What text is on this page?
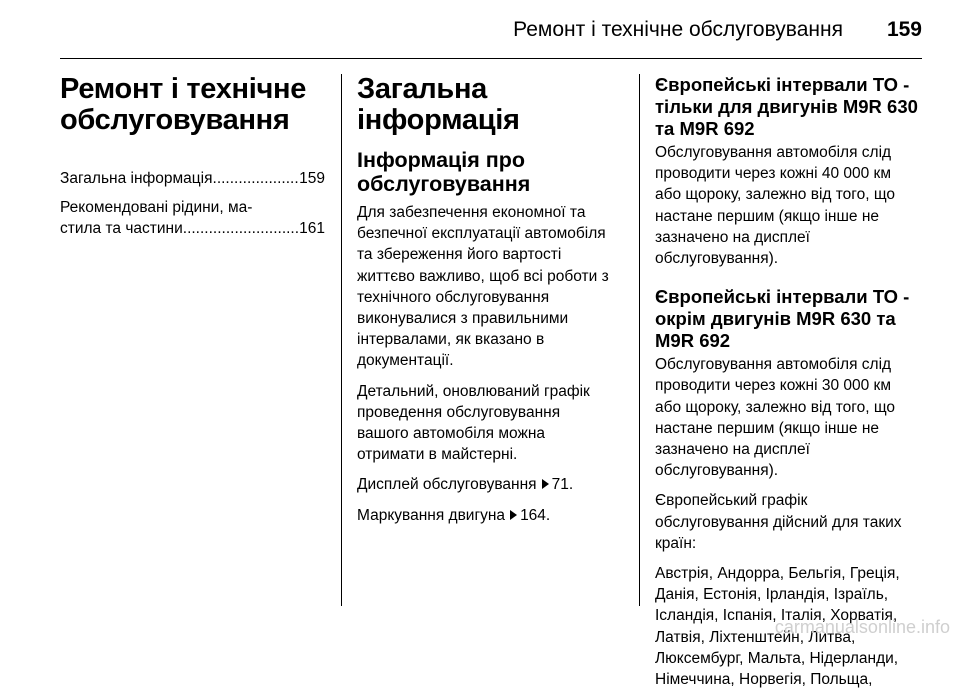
Ремонт і технічне обслуговування 159
Ремонт і технічне
обслуговування
Загальна інформація .....	159
Рекомендовані рідини, ма-
стила та частини .....	161
Загальна інформація
Інформація про
обслуговування

Для забезпечення економної та
безпечної експлуатації автомобіля
та збереження його вартості
життєво важливо, щоб всі роботи з
технічного обслуговування
виконувалися з правильними
інтервалами, як вказано в
документації.

Детальний, оновлюваний графік
проведення обслуговування
вашого автомобіля можна
отримати в майстерні.

Дисплей обслуговування 71.

Маркування двигуна 164.

Європейські інтервали ТО -
тільки для двигунів M9R 630
та M9R 692

Обслуговування автомобіля слід
проводити через кожні 40 000 км
або щороку, залежно від того, що
настане першим (якщо інше не
зазначено на дисплеї
обслуговування).

Європейські інтервали ТО -
окрім двигунів M9R 630 та
M9R 692

Обслуговування автомобіля слід
проводити через кожні 30 000 км
або щороку, залежно від того, що
настане першим (якщо інше не
зазначено на дисплеї
обслуговування).

Європейський графік
обслуговування дійсний для таких
країн:

Австрія, Андорра, Бельгія, Греція,
Данія, Естонія, Ірландія, Ізраїль,
Ісландія, Іспанія, Італія, Хорватія,
Латвія, Ліхтенштейн, Литва,
Люксембург, Мальта, Нідерланди,
Німеччина, Норвегія, Польща,

carmanualsonline.info
